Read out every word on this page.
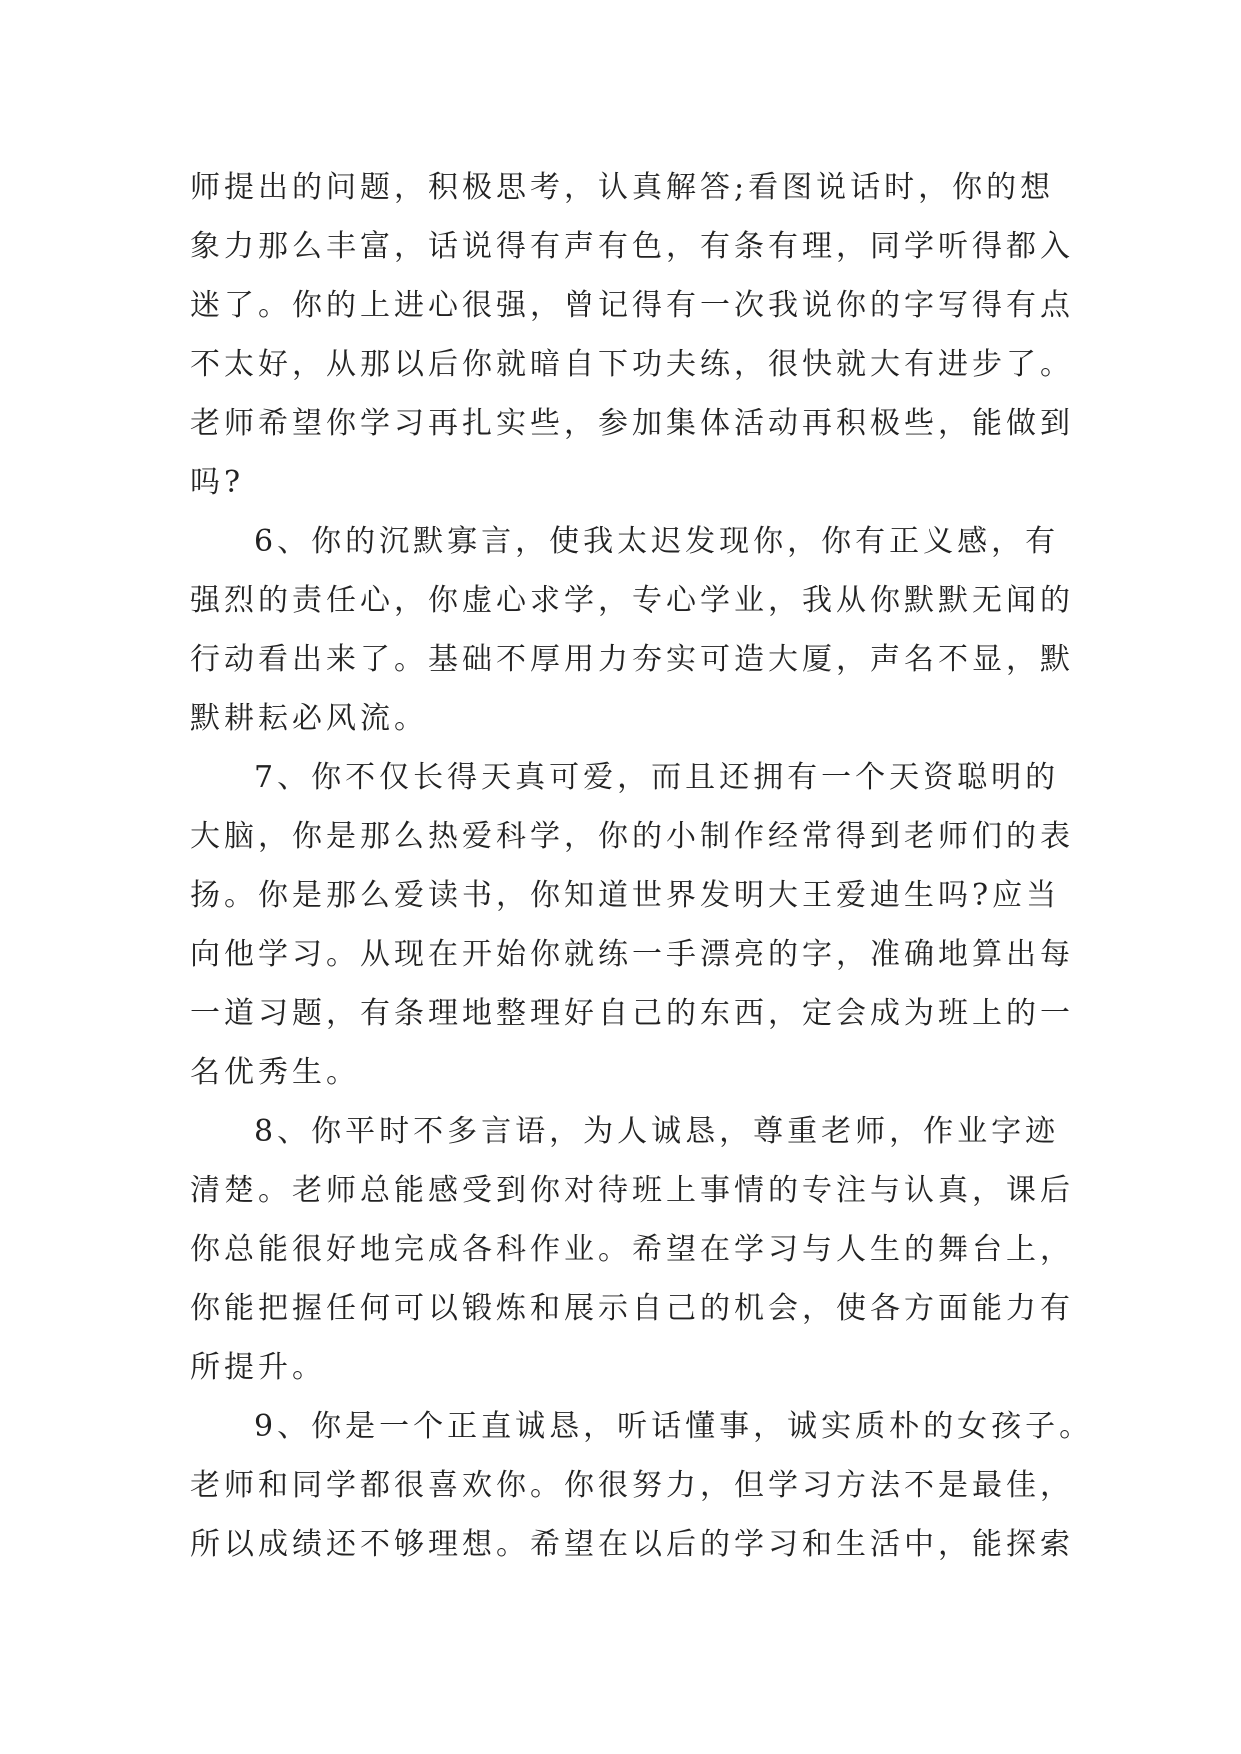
师提出的问题，积极思考，认真解答;看图说话时，你的想
象力那么丰富，话说得有声有色，有条有理，同学听得都入
迷了。你的上进心很强，曾记得有一次我说你的字写得有点
不太好，从那以后你就暗自下功夫练，很快就大有进步了。
老师希望你学习再扎实些，参加集体活动再积极些，能做到
吗?
6、你的沉默寡言，使我太迟发现你，你有正义感，有
强烈的责任心，你虚心求学，专心学业，我从你默默无闻的
行动看出来了。基础不厚用力夯实可造大厦，声名不显，默
默耕耘必风流。
7、你不仅长得天真可爱，而且还拥有一个天资聪明的
大脑，你是那么热爱科学，你的小制作经常得到老师们的表
扬。你是那么爱读书，你知道世界发明大王爱迪生吗?应当
向他学习。从现在开始你就练一手漂亮的字，准确地算出每
一道习题，有条理地整理好自己的东西，定会成为班上的一
名优秀生。
8、你平时不多言语，为人诚恳，尊重老师，作业字迹
清楚。老师总能感受到你对待班上事情的专注与认真，课后
你总能很好地完成各科作业。希望在学习与人生的舞台上，
你能把握任何可以锻炼和展示自己的机会，使各方面能力有
所提升。
9、你是一个正直诚恳，听话懂事，诚实质朴的女孩子。
老师和同学都很喜欢你。你很努力，但学习方法不是最佳，
所以成绩还不够理想。希望在以后的学习和生活中，能探索
